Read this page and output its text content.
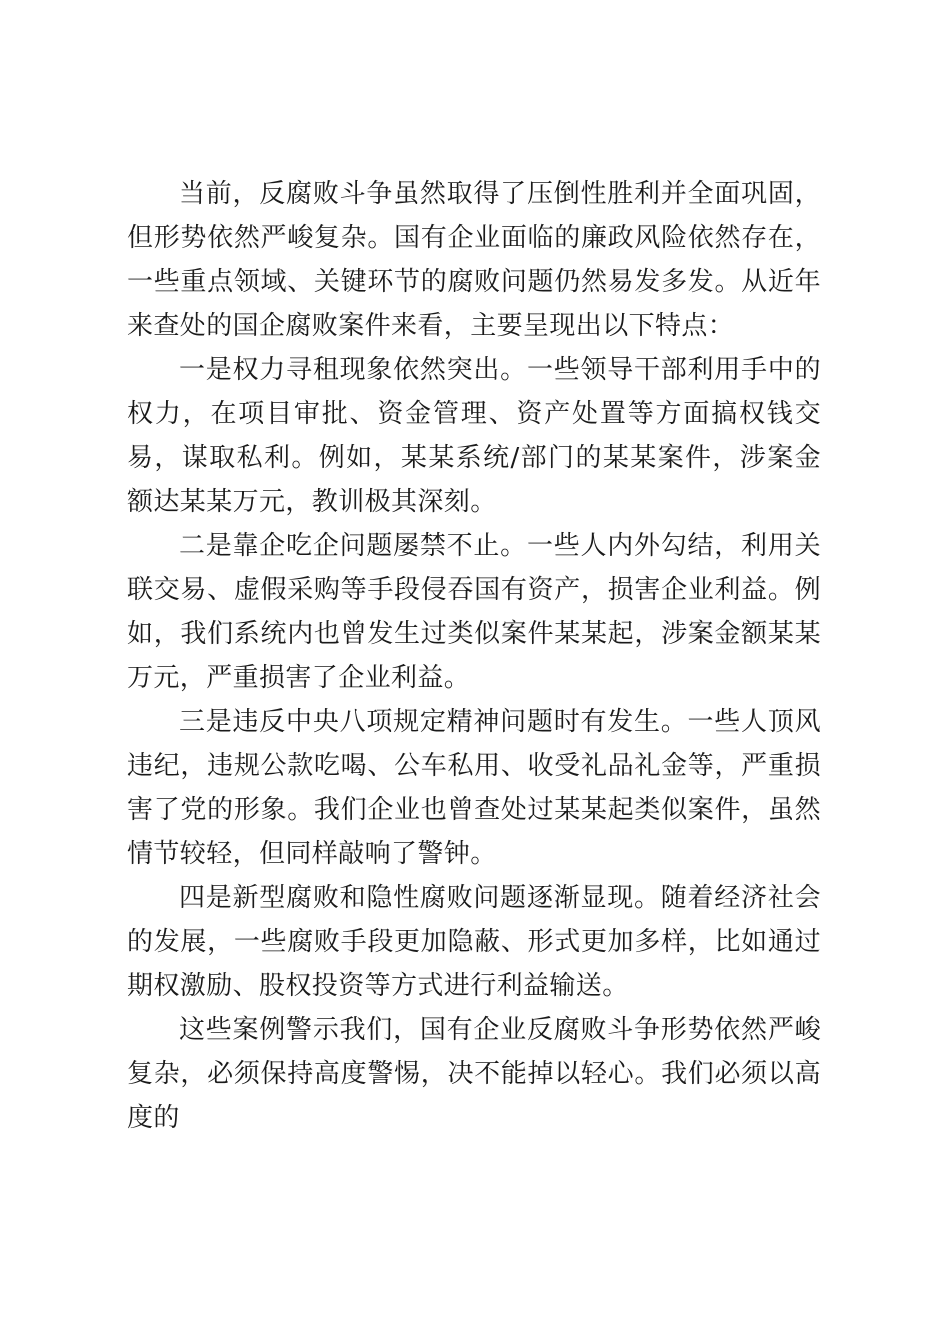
当前，反腐败斗争虽然取得了压倒性胜利并全面巩固，但形势依然严峻复杂。国有企业面临的廉政风险依然存在，一些重点领域、关键环节的腐败问题仍然易发多发。从近年来查处的国企腐败案件来看，主要呈现出以下特点：

一是权力寻租现象依然突出。一些领导干部利用手中的权力，在项目审批、资金管理、资产处置等方面搞权钱交易，谋取私利。例如，某某系统/部门的某某案件，涉案金额达某某万元，教训极其深刻。

二是靠企吃企问题屡禁不止。一些人内外勾结，利用关联交易、虚假采购等手段侵吞国有资产，损害企业利益。例如，我们系统内也曾发生过类似案件某某起，涉案金额某某万元，严重损害了企业利益。

三是违反中央八项规定精神问题时有发生。一些人顶风违纪，违规公款吃喝、公车私用、收受礼品礼金等，严重损害了党的形象。我们企业也曾查处过某某起类似案件，虽然情节较轻，但同样敲响了警钟。

四是新型腐败和隐性腐败问题逐渐显现。随着经济社会的发展，一些腐败手段更加隐蔽、形式更加多样，比如通过期权激励、股权投资等方式进行利益输送。

这些案例警示我们，国有企业反腐败斗争形势依然严峻复杂，必须保持高度警惕，决不能掉以轻心。我们必须以高度的
